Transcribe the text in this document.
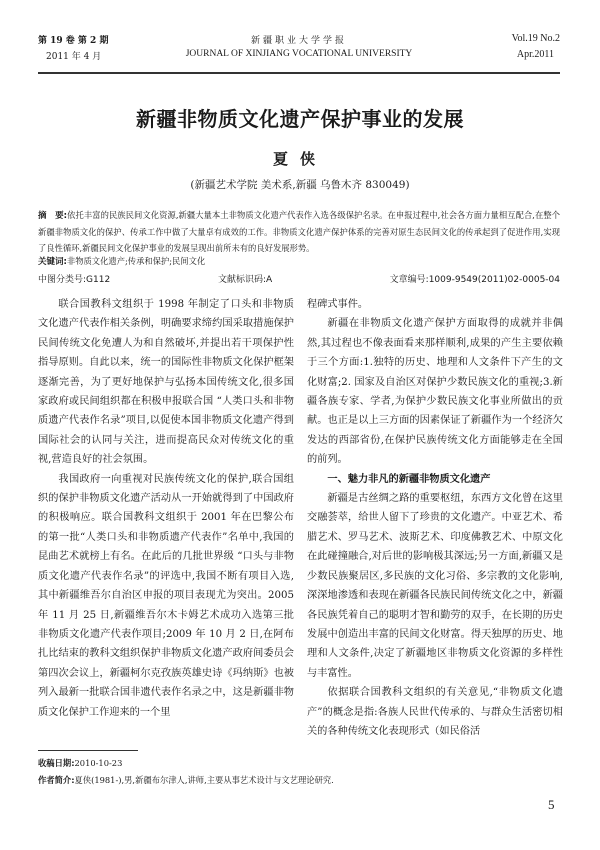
第 19 卷 第 2 期
2011 年 4 月
新疆职业大学学报
JOURNAL OF XINJIANG VOCATIONAL UNIVERSITY
Vol.19 No.2
Apr.2011
新疆非物质文化遗产保护事业的发展
夏侠
(新疆艺术学院 美术系,新疆 乌鲁木齐 830049)
摘　要:依托丰富的民族民间文化资源,新疆大量本土非物质文化遗产代表作入选各级保护名录。在申报过程中,社会各方面力量相互配合,在整个新疆非物质文化的保护、传承工作中做了大量卓有成效的工作。非物质文化遗产保护体系的完善对原生态民间文化的传承起到了促进作用,实现了良性循环,新疆民间文化保护事业的发展呈现出前所未有的良好发展形势。
关键词:非物质文化遗产;传承和保护;民间文化
中图分类号:G112	文献标识码:A	文章编号:1009-9549(2011)02-0005-04

联合国教科文组织于 1998 年制定了口头和非物质文化遗产代表作相关条例，明确要求缔约国采取措施保护民间传统文化免遭人为和自然破坏,并提出若干项保护性指导原则。自此以来，统一的国际性非物质文化保护框架逐渐完善，为了更好地保护与弘扬本国传统文化,很多国家政府或民间组织都在积极申报联合国 “人类口头和非物质遗产代表作名录”项目,以促使本国非物质文化遗产得到国际社会的认同与关注，进而提高民众对传统文化的重视,营造良好的社会氛围。

我国政府一向重视对民族传统文化的保护,联合国组织的保护非物质文化遗产活动从一开始就得到了中国政府的积极响应。联合国教科文组织于 2001 年在巴黎公布的第一批“人类口头和非物质遗产代表作”名单中,我国的昆曲艺术就榜上有名。在此后的几批世界级 “口头与非物质文化遗产代表作名录”的评选中,我国不断有项目入选,其中新疆维吾尔自治区申报的项目表现尤为突出。2005 年 11 月 25 日,新疆维吾尔木卡姆艺术成功入选第三批非物质文化遗产代表作项目;2009 年 10 月 2 日,在阿布扎比结束的教科文组织保护非物质文化遗产政府间委员会第四次会议上，新疆柯尔克孜族英雄史诗《玛纳斯》也被列入最新一批联合国非遗代表作名录之中，这是新疆非物质文化保护工作迎来的一个里

程碑式事件。

新疆在非物质文化遗产保护方面取得的成就并非偶然,其过程也不像表面看来那样顺利,成果的产生主要依赖于三个方面:1.独特的历史、地理和人文条件下产生的文化财富;2. 国家及自治区对保护少数民族文化的重视;3.新疆各族专家、学者,为保护少数民族文化事业所做出的贡献。也正是以上三方面的因素保证了新疆作为一个经济欠发达的西部省份,在保护民族传统文化方面能够走在全国的前列。

一、魅力非凡的新疆非物质文化遗产

新疆是古丝绸之路的重要枢纽，东西方文化曾在这里交融荟萃，给世人留下了珍贵的文化遗产。中亚艺术、希腊艺术、罗马艺术、波斯艺术、印度佛教艺术、中原文化在此碰撞融合,对后世的影响极其深远;另一方面,新疆又是少数民族聚居区,多民族的文化习俗、多宗教的文化影响,深深地渗透和表现在新疆各民族民间传统文化之中，新疆各民族凭着自己的聪明才智和勤劳的双手，在长期的历史发展中创造出丰富的民间文化财富。得天独厚的历史、地理和人文条件,决定了新疆地区非物质文化资源的多样性与丰富性。

依据联合国教科文组织的有关意见,“非物质文化遗产”的概念是指:各族人民世代传承的、与群众生活密切相关的各种传统文化表现形式（如民俗活

收稿日期:2010-10-23
作者简介:夏侠(1981-),男,新疆布尔津人,讲师,主要从事艺术设计与文艺理论研究.
5
